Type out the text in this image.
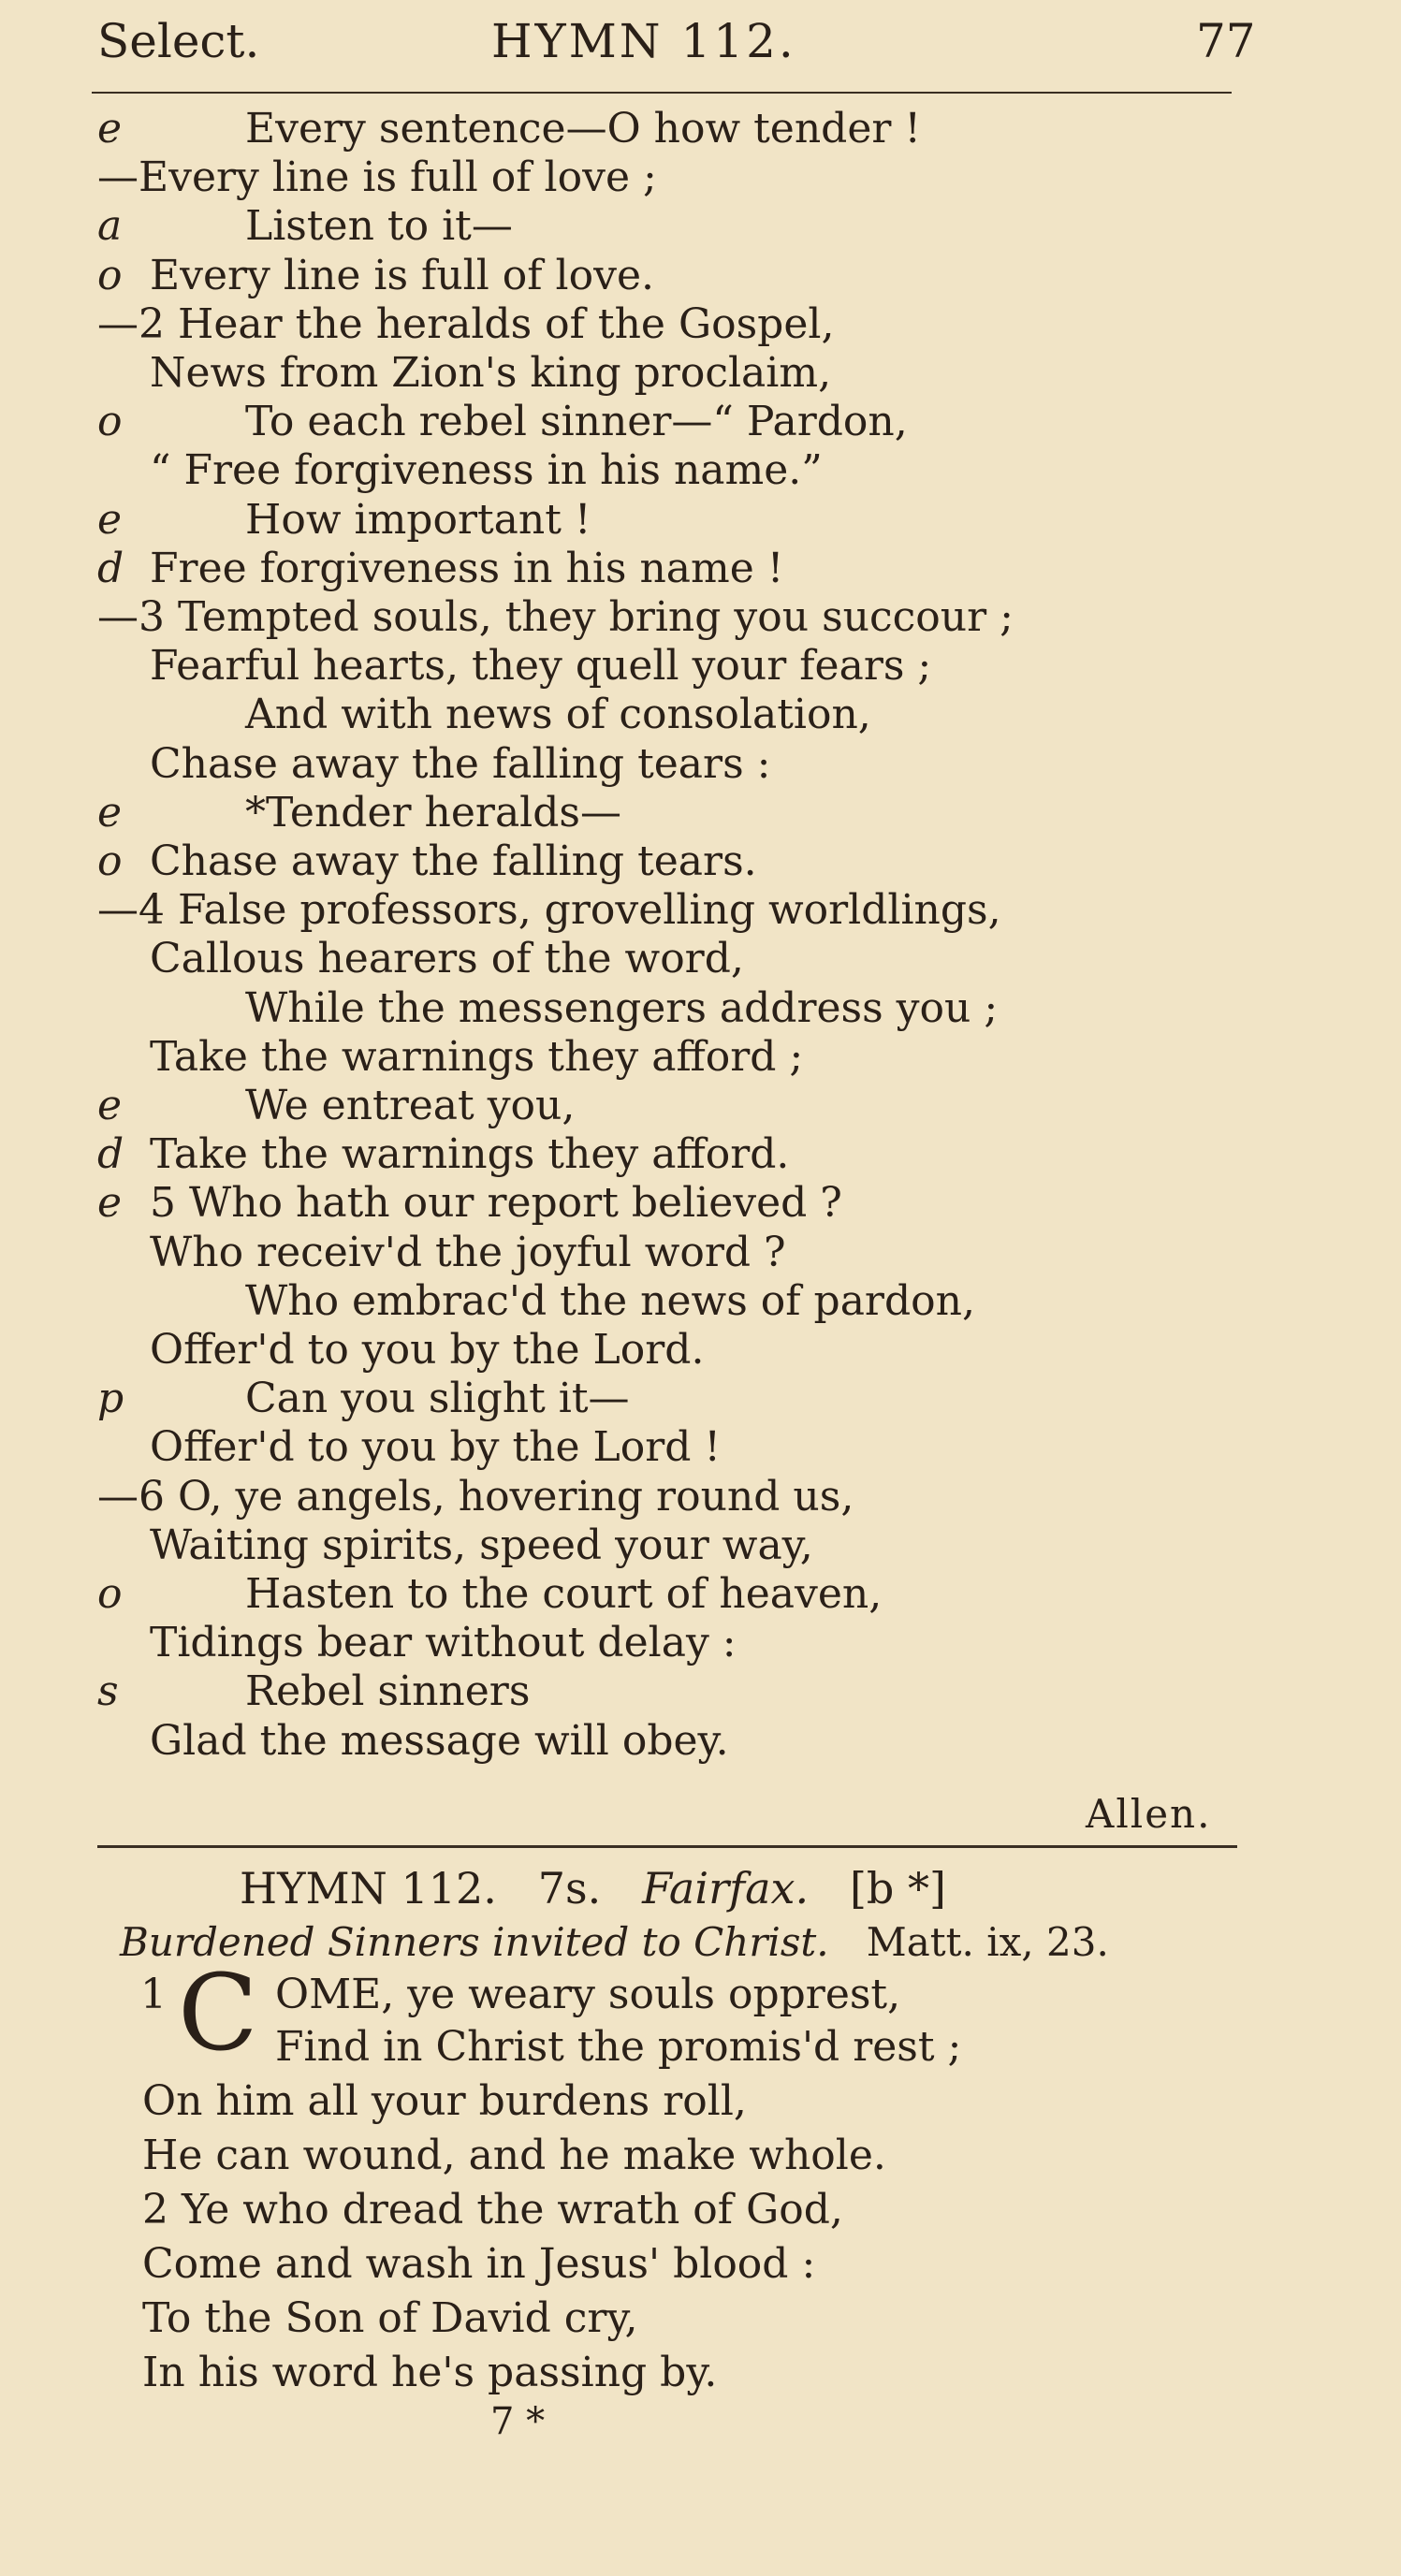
Select.	HYMN 112.	77
e	Every sentence—O how tender !
—Every line is full of love ;
a	Listen to it—
o Every line is full of love.
—2 Hear the heralds of the Gospel,
News from Zion's king proclaim,
o	To each rebel sinner—“ Pardon,
“ Free forgiveness in his name.”
e	How important !
d Free forgiveness in his name !
—3 Tempted souls, they bring you succour ;
Fearful hearts, they quell your fears ;
And with news of consolation,
Chase away the falling tears :
e	*Tender heralds—
o Chase away the falling tears.
—4 False professors, grovelling worldlings,
Callous hearers of the word,
While the messengers address you ;
Take the warnings they afford ;
e	We entreat you,
d Take the warnings they afford.
e 5 Who hath our report believed ?
Who receiv'd the joyful word ?
Who embrac'd the news of pardon,
Offer'd to you by the Lord.
p	Can you slight it—
Offer'd to you by the Lord !
—6 O, ye angels, hovering round us,
Waiting spirits, speed your way,
o	Hasten to the court of heaven,
Tidings bear without delay :
s	Rebel sinners
Glad the message will obey.
Allen.
HYMN 112. 7s. Fairfax. [b *]
Burdened Sinners invited to Christ. Matt. ix, 23.
1 C OME, ye weary souls opprest,
Find in Christ the promis'd rest ;
On him all your burdens roll,
He can wound, and he make whole.
2 Ye who dread the wrath of God,
Come and wash in Jesus' blood :
To the Son of David cry,
In his word he's passing by.
7 *
